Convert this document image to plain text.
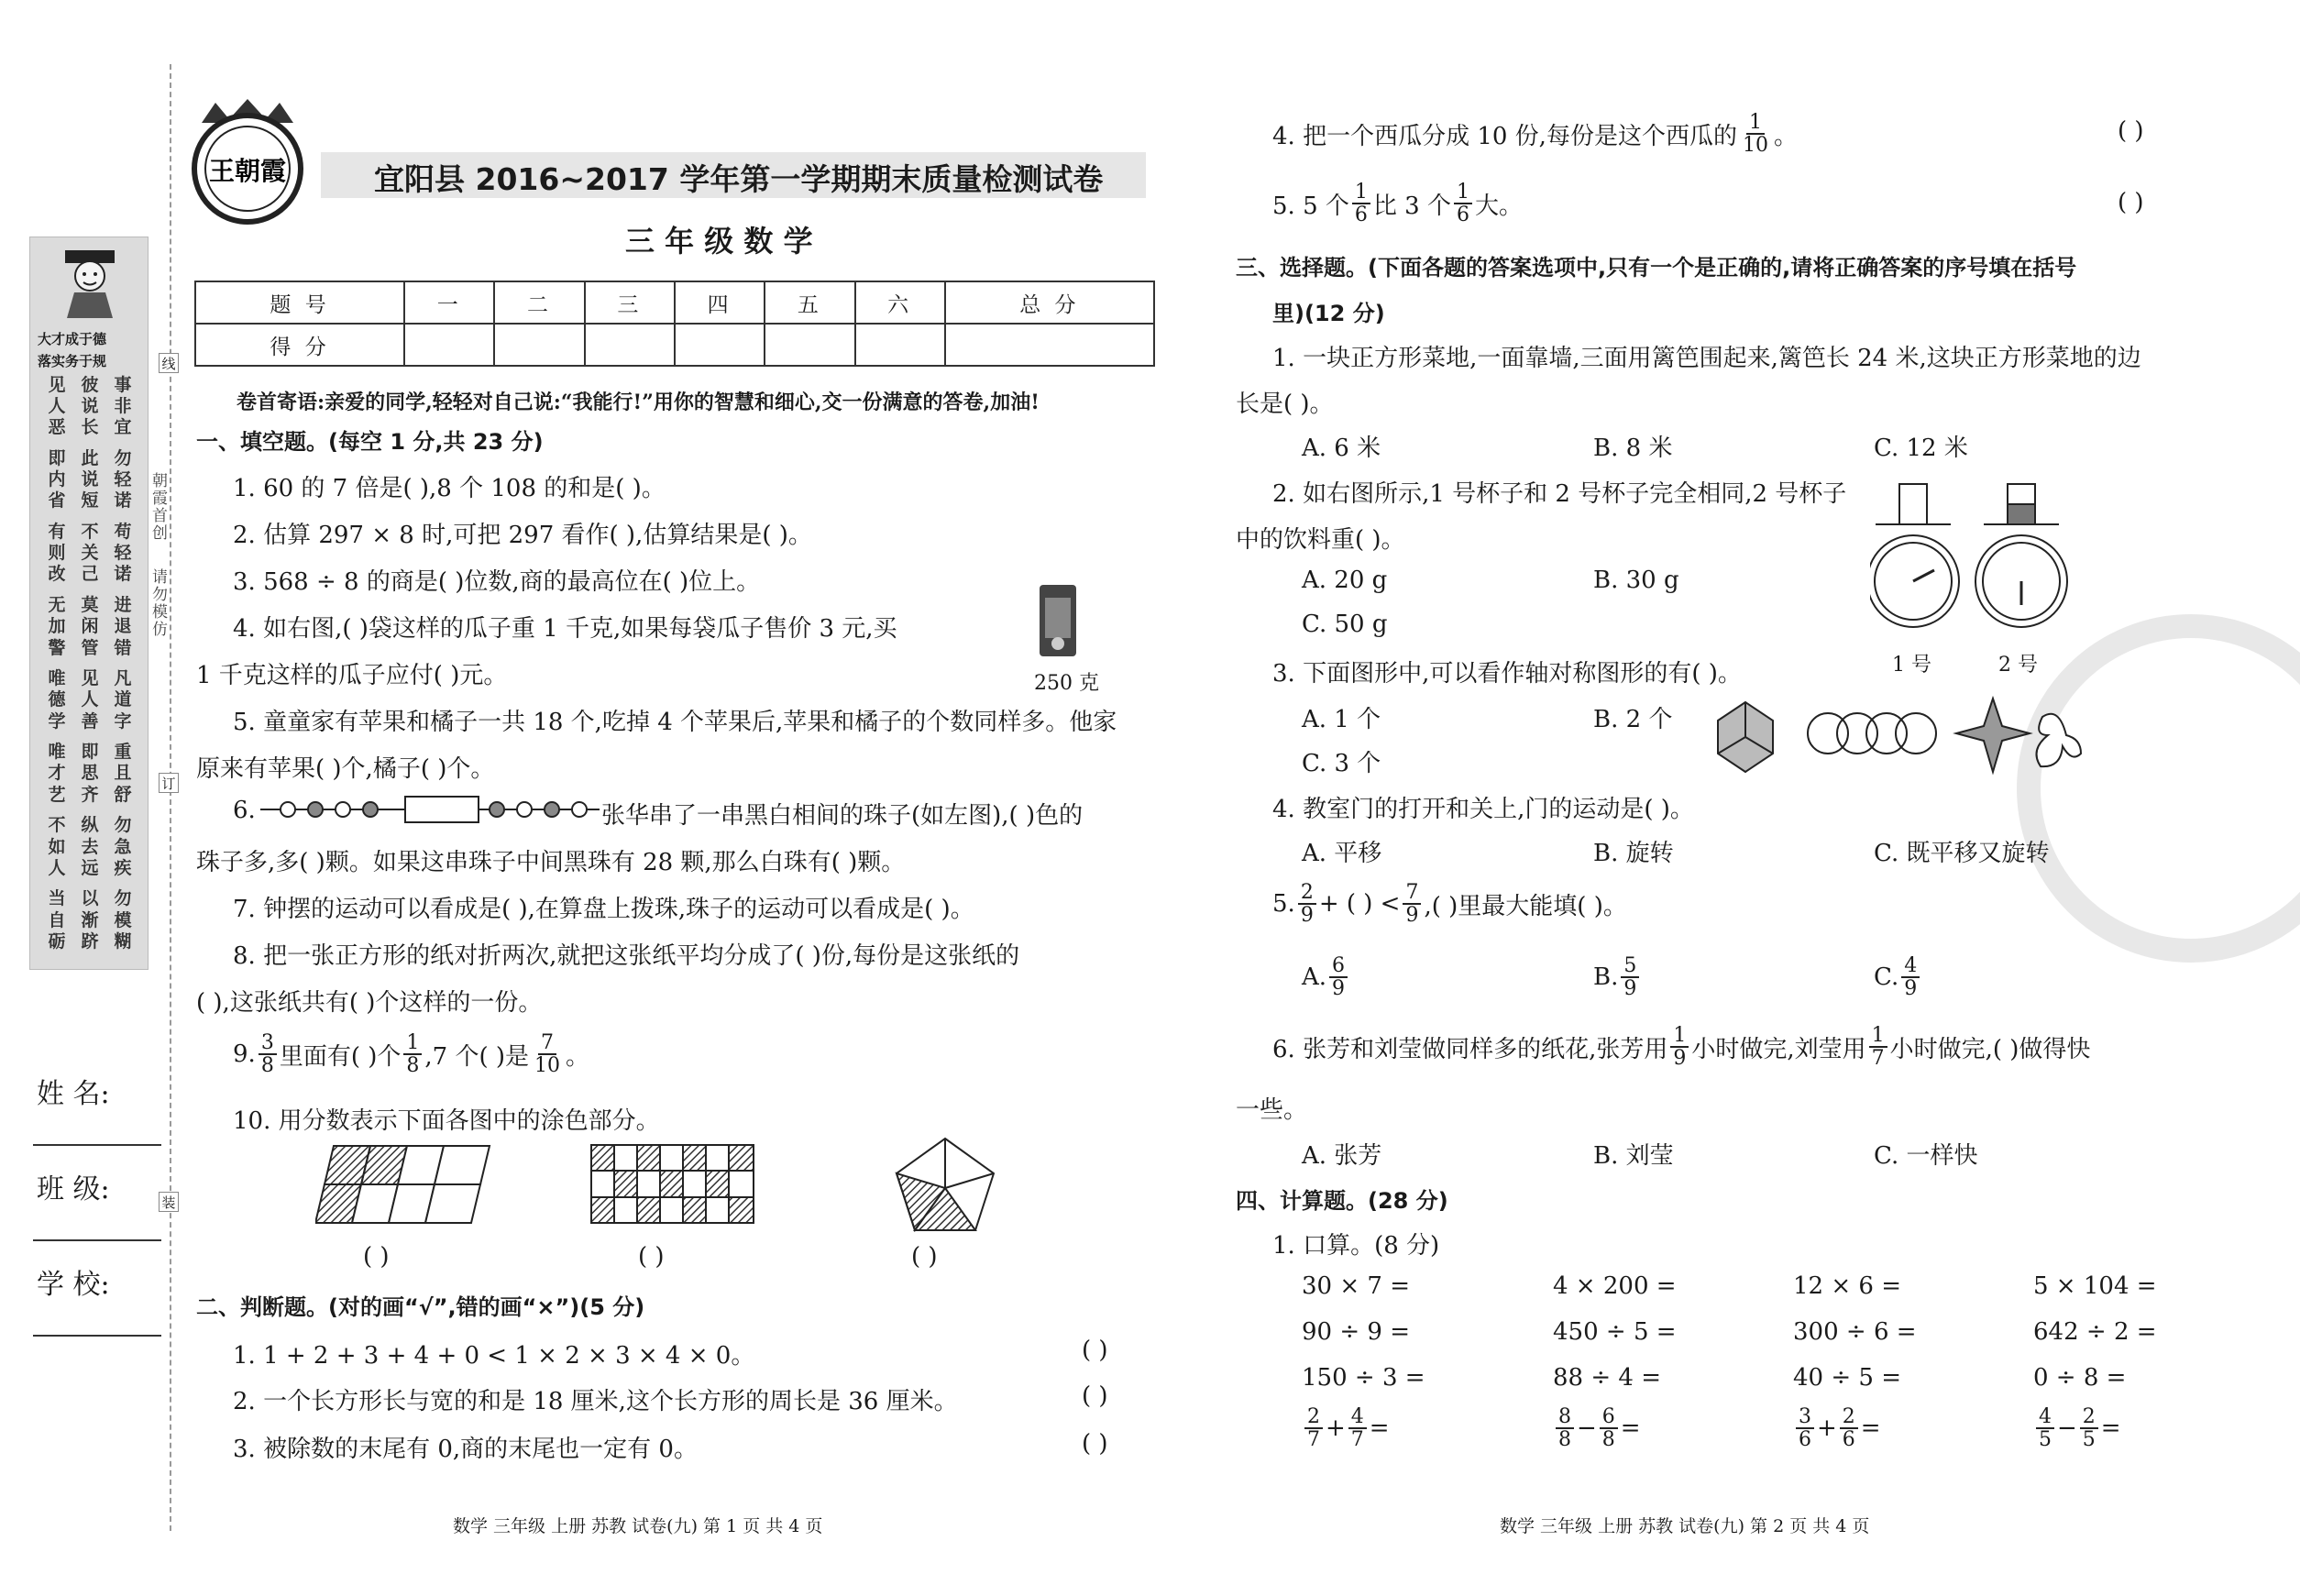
大才成于德
落实务于规
见
人
恶
即
内
省
有
则
改
无
加
警
唯
德
学
唯
才
艺
不
如
人
当
自
砺
彼
说
长
此
说
短
不
关
己
莫
闲
管
见
人
善
即
思
齐
纵
去
远
以
渐
跻
事
非
宜
勿
轻
诺
苟
轻
诺
进
退
错
凡
道
字
重
且
舒
勿
急
疾
勿
模
糊
朝霞首创
请勿模仿
线
订
装
姓 名:
班 级:
学 校:
王朝霞	宜阳县 2016~2017 学年第一学期期末质量检测试卷
三 年 级 数 学
题 号	一	二	三	四	五	六	总 分
得 分							
卷首寄语:亲爱的同学,轻轻对自己说:“我能行!”用你的智慧和细心,交一份满意的答卷,加油!
一、填空题。(每空 1 分,共 23 分)
1. 60 的 7 倍是( ),8 个 108 的和是( )。
2. 估算 297 × 8 时,可把 297 看作( ),估算结果是( )。
3. 568 ÷ 8 的商是( )位数,商的最高位在( )位上。
4. 如右图,( )袋这样的瓜子重 1 千克,如果每袋瓜子售价 3 元,买
1 千克这样的瓜子应付( )元。	250 克
5. 童童家有苹果和橘子一共 18 个,吃掉 4 个苹果后,苹果和橘子的个数同样多。他家
原来有苹果( )个,橘子( )个。
6.	张华串了一串黑白相间的珠子(如左图),( )色的
珠子多,多( )颗。如果这串珠子中间黑珠有 28 颗,那么白珠有( )颗。
7. 钟摆的运动可以看成是( ),在算盘上拨珠,珠子的运动可以看成是( )。
8. 把一张正方形的纸对折两次,就把这张纸平均分成了( )份,每份是这张纸的
( ),这张纸共有( )个这样的一份。
9. $\frac{3}{8}$ 里面有( )个 $\frac{1}{8} ,7$ 个( )是 $\frac{7}{10}$ 。
10. 用分数表示下面各图中的涂色部分。
( )	( )	( )
二、判断题。(对的画“√”,错的画“×”)(5 分)
1. 1 + 2 + 3 + 4 + 0 < 1 × 2 × 3 × 4 × 0。	( )
2. 一个长方形长与宽的和是 18 厘米,这个长方形的周长是 36 厘米。	( )
3. 被除数的末尾有 0,商的末尾也一定有 0。	( )
数学 三年级 上册 苏教 试卷(九) 第 1 页 共 4 页
4. 把一个西瓜分成 10 份,每份是这个西瓜的 $\frac{1}{10}$ 。	( )
5. 5 个 $\frac{1}{6}$ 比 3 个 $\frac{1}{6}$ 大。	( )
三、选择题。(下面各题的答案选项中,只有一个是正确的,请将正确答案的序号填在括号
里)(12 分)
1. 一块正方形菜地,一面靠墙,三面用篱笆围起来,篱笆长 24 米,这块正方形菜地的边
长是( )。
A. 6 米	B. 8 米	C. 12 米
2. 如右图所示,1 号杯子和 2 号杯子完全相同,2 号杯子
中的饮料重( )。
A. 20 g	B. 30 g
C. 50 g
1 号	2 号
3. 下面图形中,可以看作轴对称图形的有( )。
A. 1 个	B. 2 个
C. 3 个
4. 教室门的打开和关上,门的运动是( )。
A. 平移	B. 旋转	C. 既平移又旋转
5. $\frac{2}{9}$ + ( ) < $\frac{7}{9}$ ,( )里最大能填( )。
A. $\frac{6}{9}$	B. $\frac{5}{9}$	C. $\frac{4}{9}$
6. 张芳和刘莹做同样多的纸花,张芳用 $\frac{1}{9}$ 小时做完,刘莹用 $\frac{1}{7}$ 小时做完,( )做得快
一些。
A. 张芳	B. 刘莹	C. 一样快
四、计算题。(28 分)
1. 口算。(8 分)
30 × 7 =	4 × 200 =	12 × 6 =	5 × 104 =
90 ÷ 9 =	450 ÷ 5 =	300 ÷ 6 =	642 ÷ 2 =
150 ÷ 3 =	88 ÷ 4 =	40 ÷ 5 =	0 ÷ 8 =
$\frac{2}{7} + \frac{4}{7}$ =	$\frac{8}{8} - \frac{6}{8}$ =	$\frac{3}{6} + \frac{2}{6}$ =	$\frac{4}{5} - \frac{2}{5}$ =
数学 三年级 上册 苏教 试卷(九) 第 2 页 共 4 页
